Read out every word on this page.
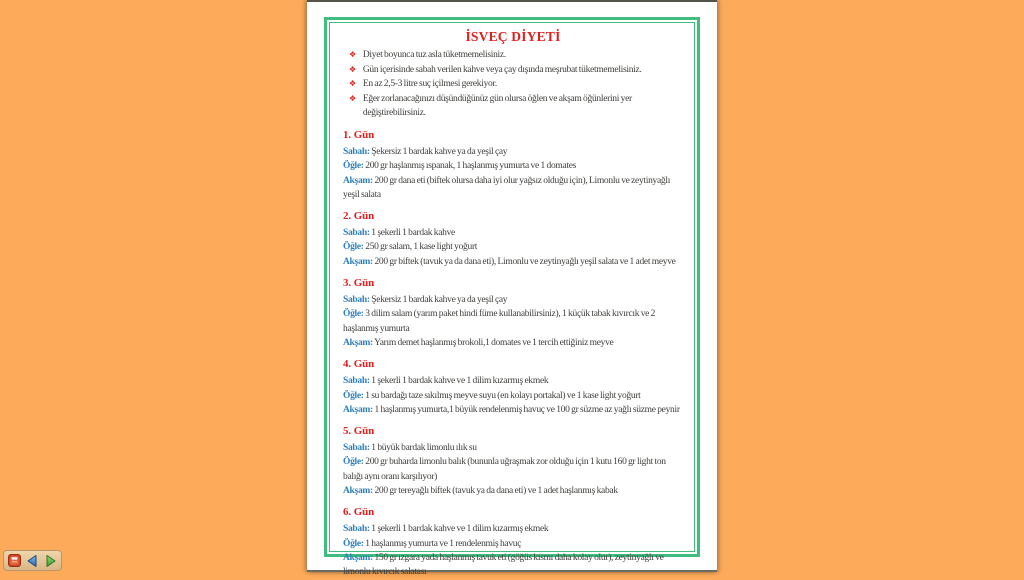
İSVEÇ DİYETİ
❖ Diyet boyunca tuz asla tüketmemelisiniz.
❖ Gün içerisinde sabah verilen kahve veya çay dışında meşrubat tüketmemelisiniz.
❖ En az 2,5-3 litre suç içilmesi gerekiyor.
❖ Eğer zorlanacağınızı düşündüğünüz gün olursa öğlen ve akşam öğünlerini yer değiştirebilirsiniz.
1. Gün
Sabah: Şekersiz 1 bardak kahve ya da yeşil çay
Öğle: 200 gr haşlanmış ıspanak, 1 haşlanmış yumurta ve 1 domates
Akşam: 200 gr dana eti (biftek olursa daha iyi olur yağsız olduğu için), Limonlu ve zeytinyağlı yeşil salata
2. Gün
Sabah: 1 şekerli 1 bardak kahve
Öğle: 250 gr salam, 1 kase light yoğurt
Akşam: 200 gr biftek (tavuk ya da dana eti), Limonlu ve zeytinyağlı yeşil salata ve 1 adet meyve
3. Gün
Sabah: Şekersiz 1 bardak kahve ya da yeşil çay
Öğle: 3 dilim salam (yarım paket hindi füme kullanabilirsiniz), 1 küçük tabak kıvırcık ve 2 haşlanmış yumurta
Akşam: Yarım demet haşlanmış brokoli,1 domates ve 1 tercih ettiğiniz meyve
4. Gün
Sabah: 1 şekerli 1 bardak kahve ve 1 dilim kızarmış ekmek
Öğle: 1 su bardağı taze sıkılmış meyve suyu (en kolayı portakal) ve 1 kase light yoğurt
Akşam: 1 haşlanmış yumurta,1 büyük rendelenmiş havuç ve 100 gr süzme az yağlı süzme peynir
5. Gün
Sabah: 1 büyük bardak limonlu ılık su
Öğle: 200 gr buharda limonlu balık (bununla uğraşmak zor olduğu için 1 kutu 160 gr light ton balığı aynı oranı karşılıyor)
Akşam: 200 gr tereyağlı biftek (tavuk ya da dana eti) ve 1 adet haşlanmış kabak
6. Gün
Sabah: 1 şekerli 1 bardak kahve ve 1 dilim kızarmış ekmek
Öğle: 1 haşlanmış yumurta ve 1 rendelenmiş havuç
Akşam: 150 gr ızgara yada haşlanmış tavuk eti (göğüs kısmı daha kolay olur), zeytinyağlı ve limonlu kıvırcık salatası
